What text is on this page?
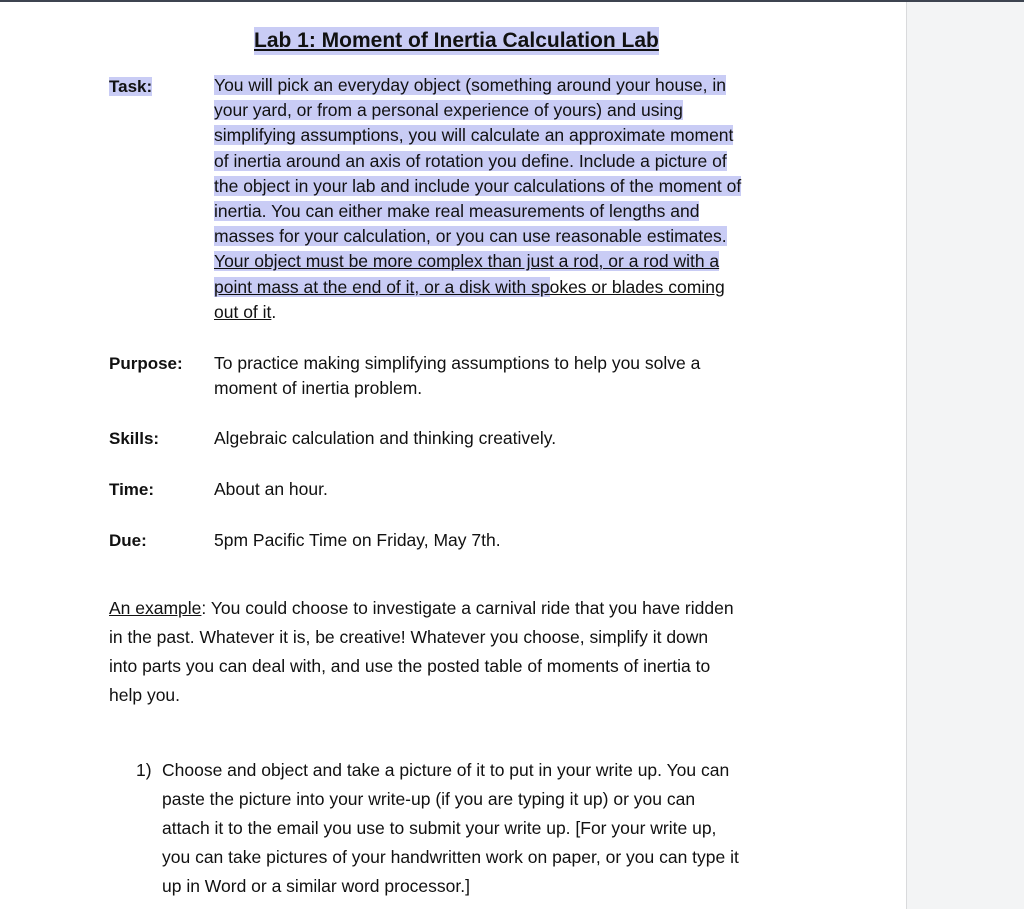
Lab 1: Moment of Inertia Calculation Lab
Task:	You will pick an everyday object (something around your house, in
your yard, or from a personal experience of yours) and using
simplifying assumptions, you will calculate an approximate moment
of inertia around an axis of rotation you define. Include a picture of
the object in your lab and include your calculations of the moment of
inertia. You can either make real measurements of lengths and
masses for your calculation, or you can use reasonable estimates.
Your object must be more complex than just a rod, or a rod with a
point mass at the end of it, or a disk with spokes or blades coming
out of it.
Purpose: To practice making simplifying assumptions to help you solve a
moment of inertia problem.
Skills:	Algebraic calculation and thinking creatively.
Time:	About an hour.
Due:	5pm Pacific Time on Friday, May 7th.
An example: You could choose to investigate a carnival ride that you have ridden
in the past. Whatever it is, be creative! Whatever you choose, simplify it down
into parts you can deal with, and use the posted table of moments of inertia to
help you.
1) Choose and object and take a picture of it to put in your write up. You can
paste the picture into your write-up (if you are typing it up) or you can
attach it to the email you use to submit your write up. [For your write up,
you can take pictures of your handwritten work on paper, or you can type it
up in Word or a similar word processor.]
